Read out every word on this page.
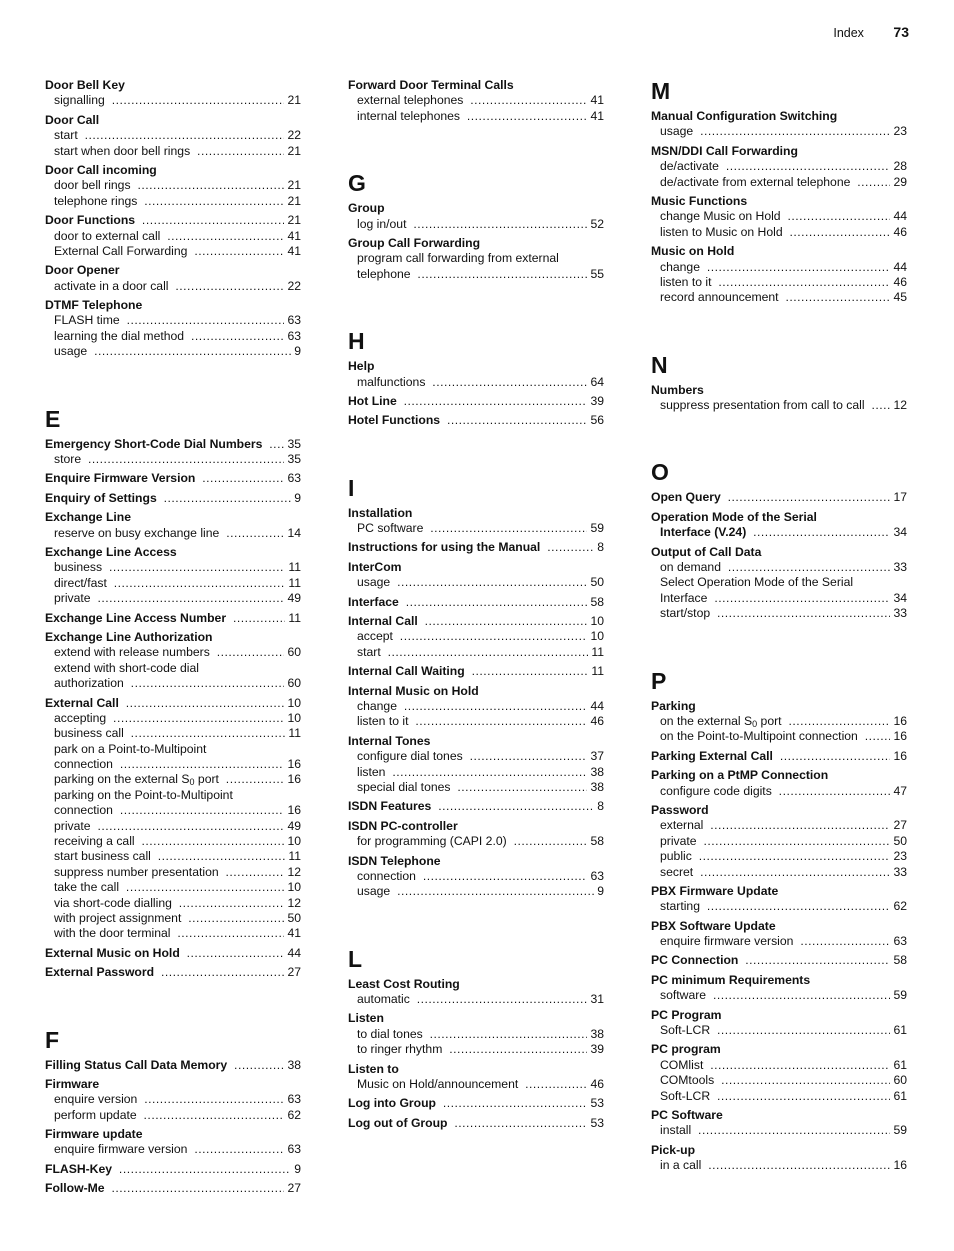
Index 73
Door Bell Key
signalling	21
.....
Door Call
start	22
.....
start when door bell rings	21
.....
Door Call incoming
door bell rings	21
.....
telephone rings	21
.....
Door Functions	21
.....
door to external call	41
.....
External Call Forwarding	41
.....
Door Opener
activate in a door call	22
.....
DTMF Telephone
FLASH time	63
.....
learning the dial method	63
.....
usage	9
.....
E
Emergency Short-Code Dial Numbers 35
.....
store	35
.....
Enquire Firmware Version	63
.....
Enquiry of Settings	9
.....
Exchange Line
reserve on busy exchange line	14
.....
Exchange Line Access
business	11
.....
direct/fast	11
.....
private	49
.....
Exchange Line Access Number	11
.....
Exchange Line Authorization
extend with release numbers	60
.....
extend with short-code dial
authorization	60
.....
External Call	10
.....
accepting	10
.....
business call	11
.....
park on a Point-to-Multipoint
connection	16
.....
parking on the external $S_0$ port	16
.....
parking on the Point-to-Multipoint
connection	16
.....
private	49
.....
receiving a call	10
.....
start business call	11
.....
suppress number presentation	12
.....
take the call	10
.....
via short-code dialling	12
.....
with project assignment	50
.....
with the door terminal	41
.....
External Music on Hold	44
.....
External Password	27
.....
F
Filling Status Call Data Memory	38
.....
Firmware
enquire version	63
.....
perform update	62
.....
Firmware update
enquire firmware version	63
.....
FLASH-Key	9
.....
Follow-Me	27
.....
Forward Door Terminal Calls
external telephones	41
.....
internal telephones	41
.....
G
Group
log in/out	52
.....
Group Call Forwarding
program call forwarding from external
telephone	55
.....
H
Help
malfunctions	64
.....
Hot Line	39
.....
Hotel Functions	56
.....
I
Installation
PC software	59
.....
Instructions for using the Manual	8
.....
InterCom
usage	50
.....
Interface	58
.....
Internal Call	10
.....
accept	10
.....
start	11
.....
Internal Call Waiting	11
.....
Internal Music on Hold
change	44
.....
listen to it	46
.....
Internal Tones
configure dial tones	37
.....
listen	38
.....
special dial tones	38
.....
ISDN Features	8
.....
ISDN PC-controller
for programming (CAPI 2.0)	58
.....
ISDN Telephone
connection	63
.....
usage	9
.....
L
Least Cost Routing
automatic	31
.....
Listen
to dial tones	38
.....
to ringer rhythm	39
.....
Listen to
Music on Hold/announcement	46
.....
Log into Group	53
.....
Log out of Group	53
.....
M
Manual Configuration Switching
usage	23
.....
MSN/DDI Call Forwarding
de/activate	28
.....
de/activate from external telephone	29
.....
Music Functions
change Music on Hold	44
.....
listen to Music on Hold	46
.....
Music on Hold
change	44
.....
listen to it	46
.....
record announcement	45
.....
N
Numbers
suppress presentation from call to call 12
.....
O
Open Query	17
.....
Operation Mode of the Serial
Interface (V.24)	34
.....
Output of Call Data
on demand	33
.....
Select Operation Mode of the Serial
Interface	34
.....
start/stop	33
.....
P
Parking
on the external $S_0$ port	16
.....
on the Point-to-Multipoint connection	16
.....
Parking External Call	16
.....
Parking on a PtMP Connection
configure code digits	47
.....
Password
external	27
.....
private	50
.....
public	23
.....
secret	33
.....
PBX Firmware Update
starting	62
.....
PBX Software Update
enquire firmware version	63
.....
PC Connection	58
.....
PC minimum Requirements
software	59
.....
PC Program
Soft-LCR	61
.....
PC program
COMlist	61
.....
COMtools	60
.....
Soft-LCR	61
.....
PC Software
install	59
.....
Pick-up
in a call	16
.....
